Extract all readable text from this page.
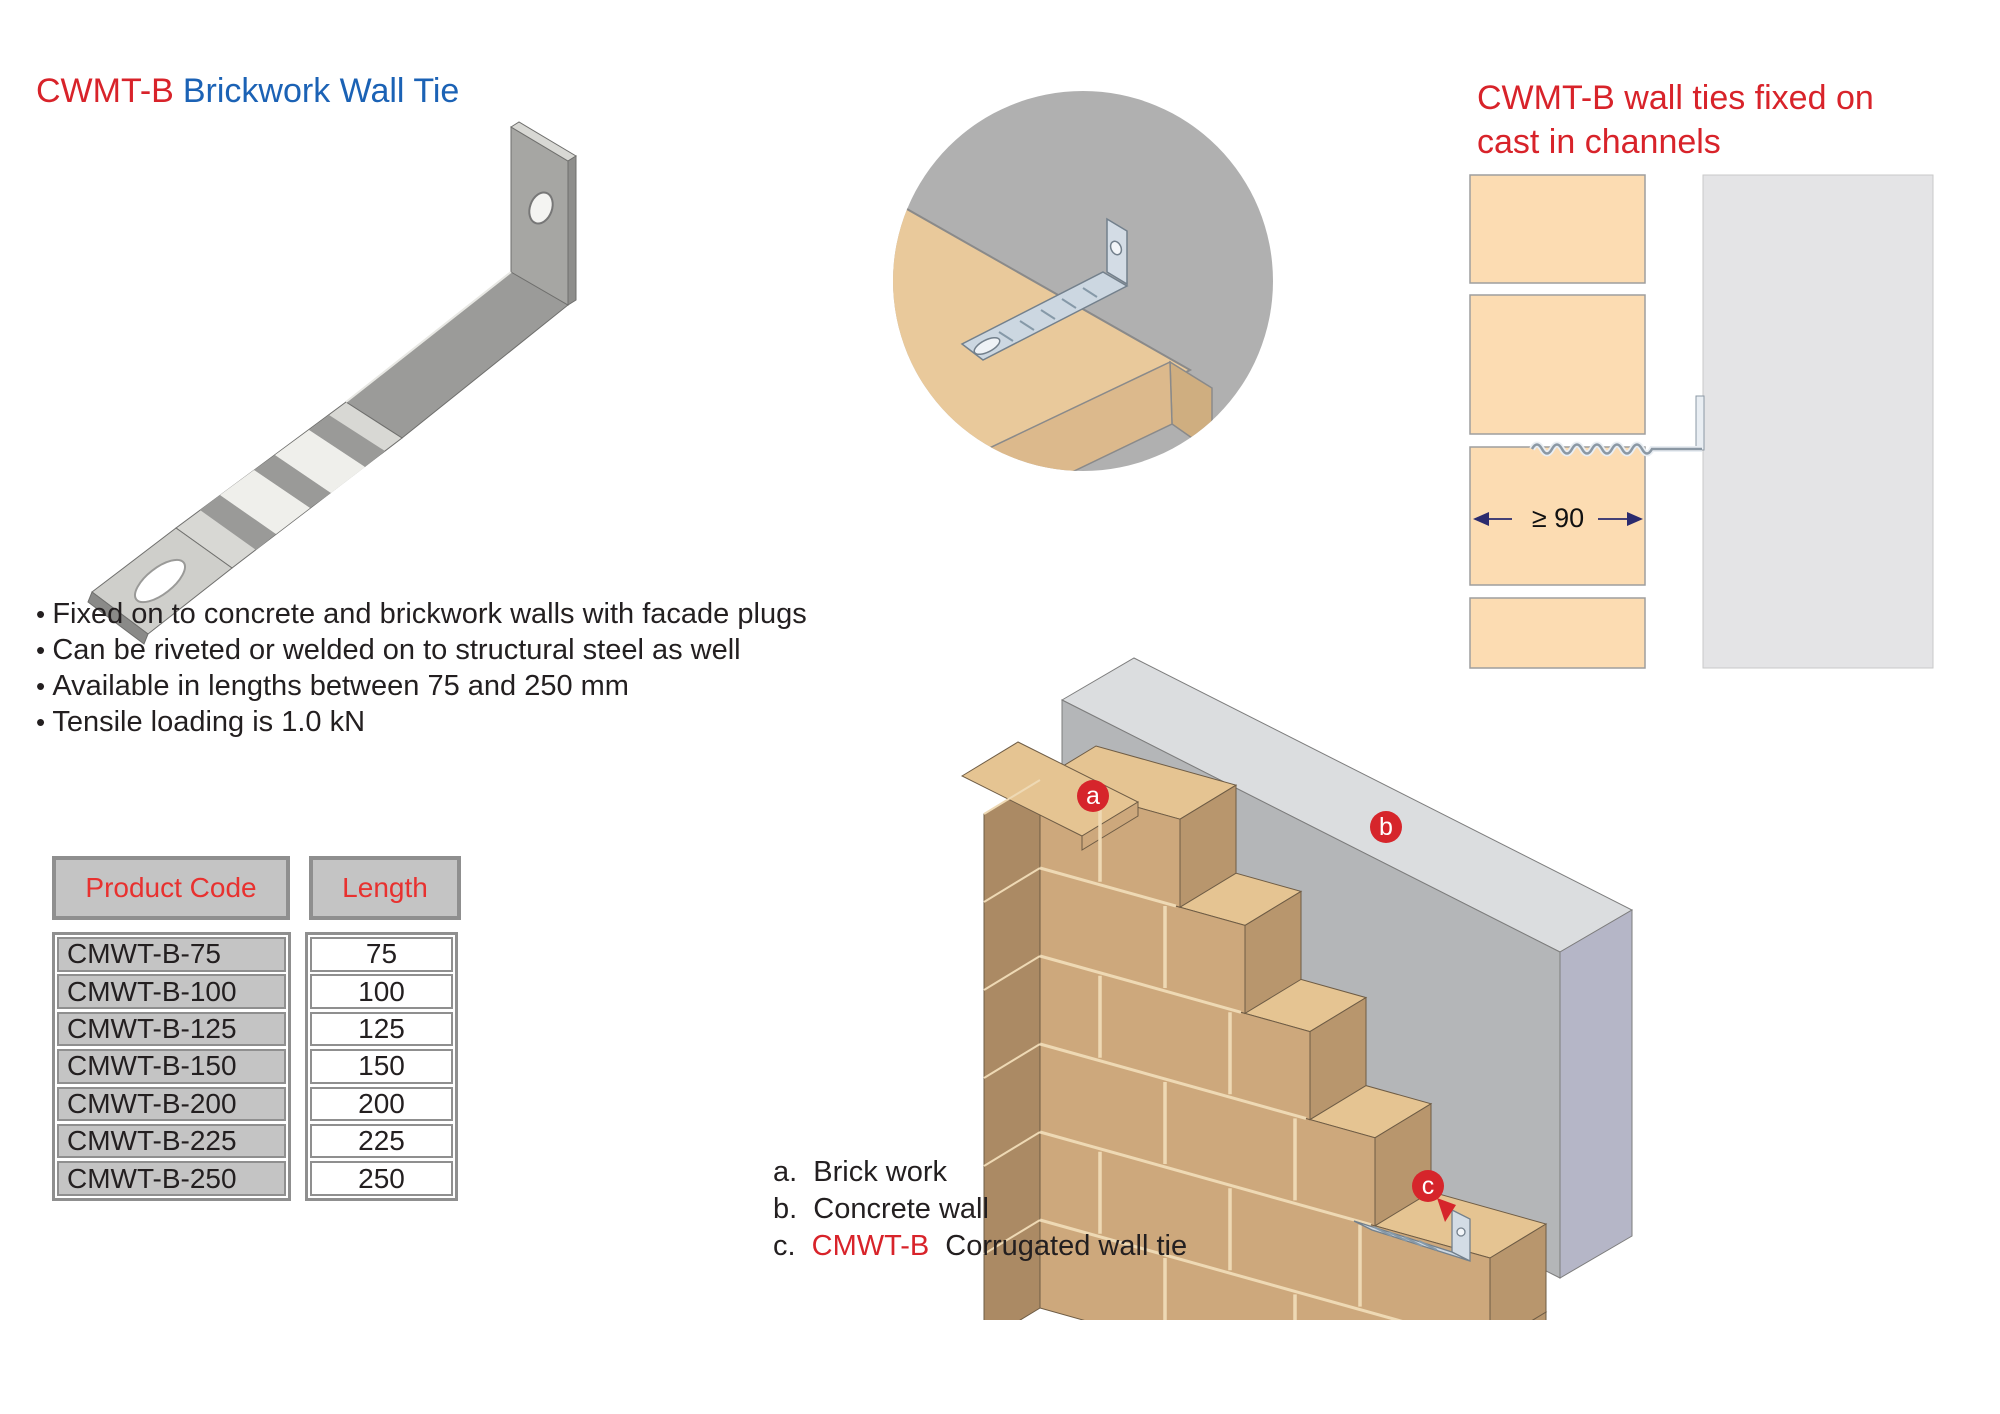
CWMT-B Brickwork Wall Tie
• Fixed on to concrete and brickwork walls with facade plugs
• Can be riveted or welded on to structural steel as well
• Available in lengths between 75 and 250 mm
• Tensile loading is 1.0 kN
Product Code	Length
CMWT-B-75
CMWT-B-100
CMWT-B-125
CMWT-B-150
CMWT-B-200
CMWT-B-225
CMWT-B-250
75
100
125
150
200
225
250
CWMT-B wall ties fixed on
cast in channels
≥ 90
a
b
c
a. Brick work
b. Concrete wall
c. CMWT-B Corrugated wall tie
